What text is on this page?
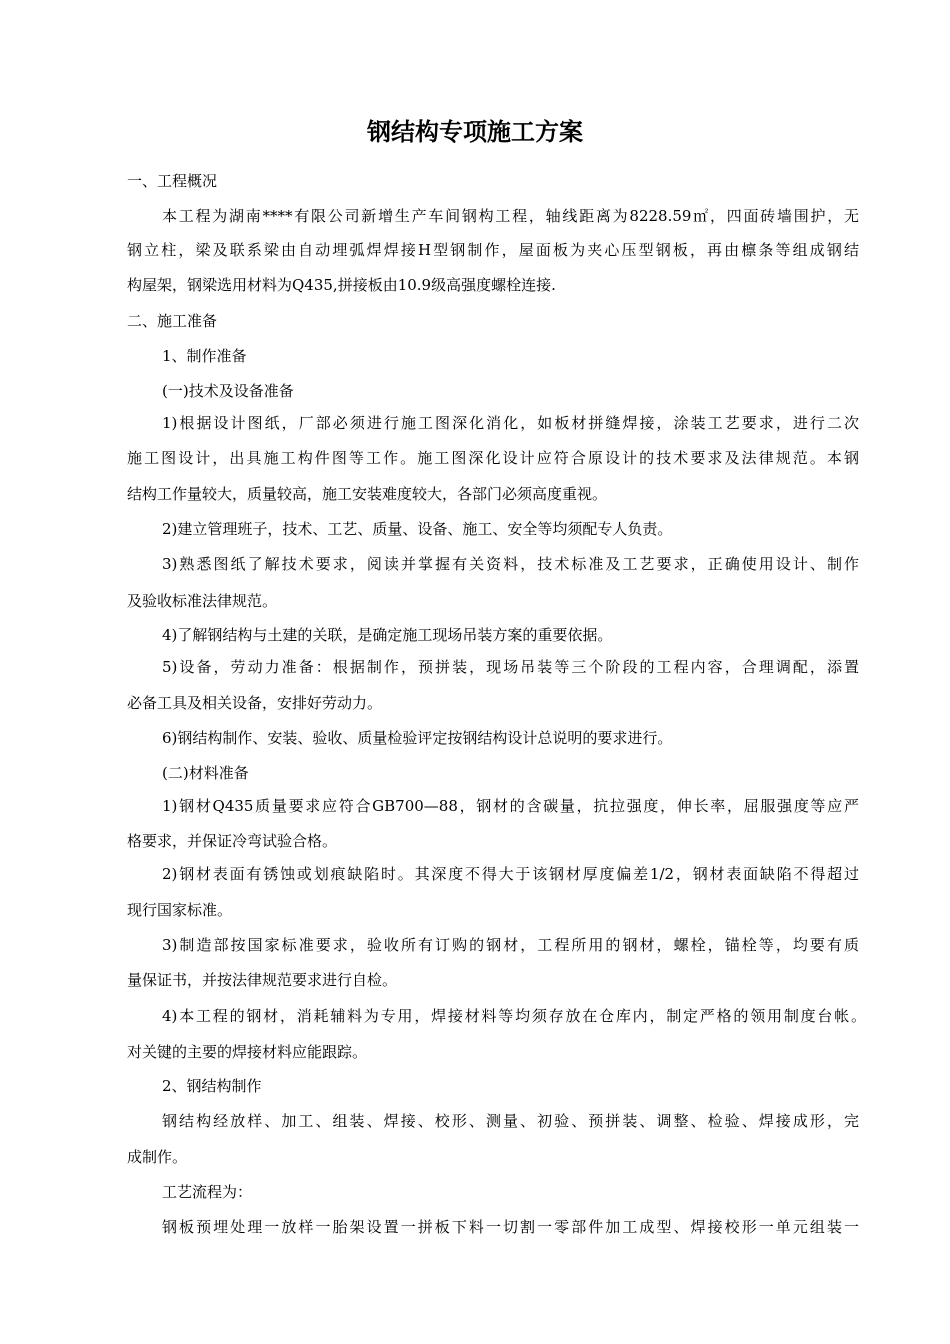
钢结构专项施工方案
一、工程概况
本工程为湖南****有限公司新增生产车间钢构工程，轴线距离为8228.59㎡，四面砖墙围护，无
钢立柱，梁及联系梁由自动埋弧焊焊接H型钢制作，屋面板为夹心压型钢板，再由檩条等组成钢结
构屋架，钢梁选用材料为Q435,拼接板由10.9级高强度螺栓连接.
二、施工准备
1、制作准备
(一)技术及设备准备
1)根据设计图纸，厂部必须进行施工图深化消化，如板材拼缝焊接，涂装工艺要求，进行二次
施工图设计，出具施工构件图等工作。施工图深化设计应符合原设计的技术要求及法律规范。本钢
结构工作量较大，质量较高，施工安装难度较大，各部门必须高度重视。
2)建立管理班子，技术、工艺、质量、设备、施工、安全等均须配专人负责。
3)熟悉图纸了解技术要求，阅读并掌握有关资料，技术标准及工艺要求，正确使用设计、制作
及验收标准法律规范。
4)了解钢结构与土建的关联，是确定施工现场吊装方案的重要依据。
5)设备，劳动力准备：根据制作，预拼装，现场吊装等三个阶段的工程内容，合理调配，添置
必备工具及相关设备，安排好劳动力。
6)钢结构制作、安装、验收、质量检验评定按钢结构设计总说明的要求进行。
(二)材料准备
1)钢材Q435质量要求应符合GB700—88，钢材的含碳量，抗拉强度，伸长率，屈服强度等应严
格要求，并保证冷弯试验合格。
2)钢材表面有锈蚀或划痕缺陷时。其深度不得大于该钢材厚度偏差1/2，钢材表面缺陷不得超过
现行国家标准。
3)制造部按国家标准要求，验收所有订购的钢材，工程所用的钢材，螺栓，锚栓等，均要有质
量保证书，并按法律规范要求进行自检。
4)本工程的钢材，消耗辅料为专用，焊接材料等均须存放在仓库内，制定严格的领用制度台帐。
对关键的主要的焊接材料应能跟踪。
2、钢结构制作
钢结构经放样、加工、组装、焊接、校形、测量、初验、预拼装、调整、检验、焊接成形，完
成制作。
工艺流程为：
钢板预埋处理一放样一胎架设置一拼板下料一切割一零部件加工成型、焊接校形一单元组装一
